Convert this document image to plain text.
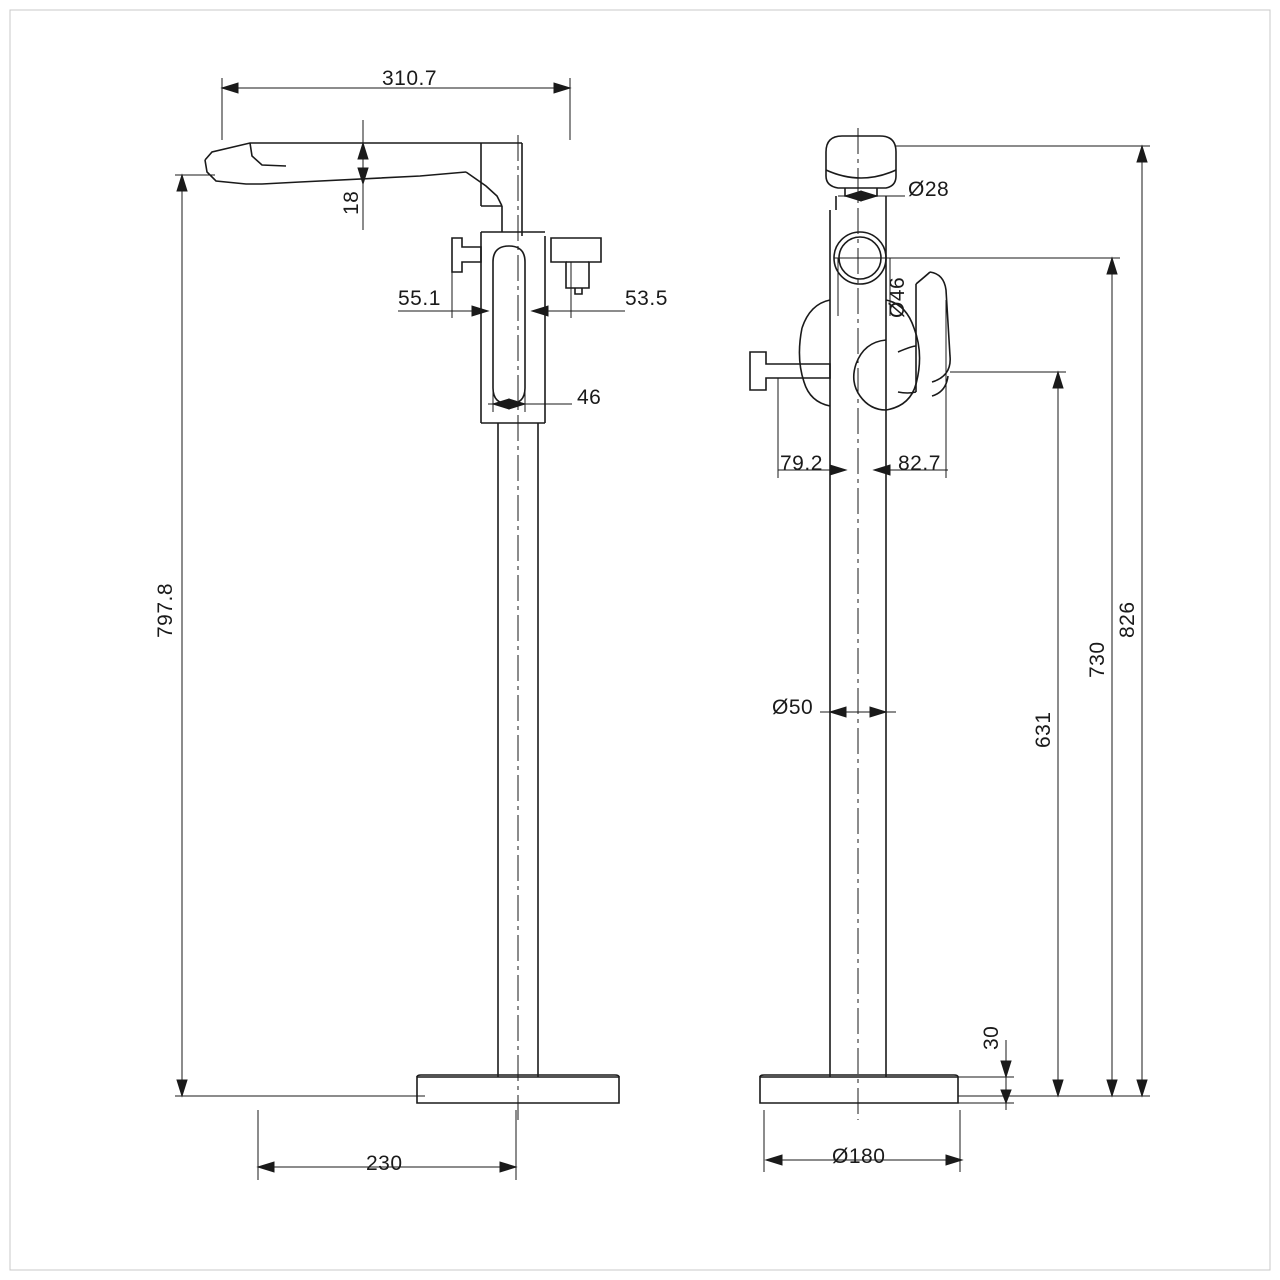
310.7
18
55.1	53.5
46
797.8
230
Ø28
Ø46
79.2	82.7
Ø50
826
730
631
30
Ø180
